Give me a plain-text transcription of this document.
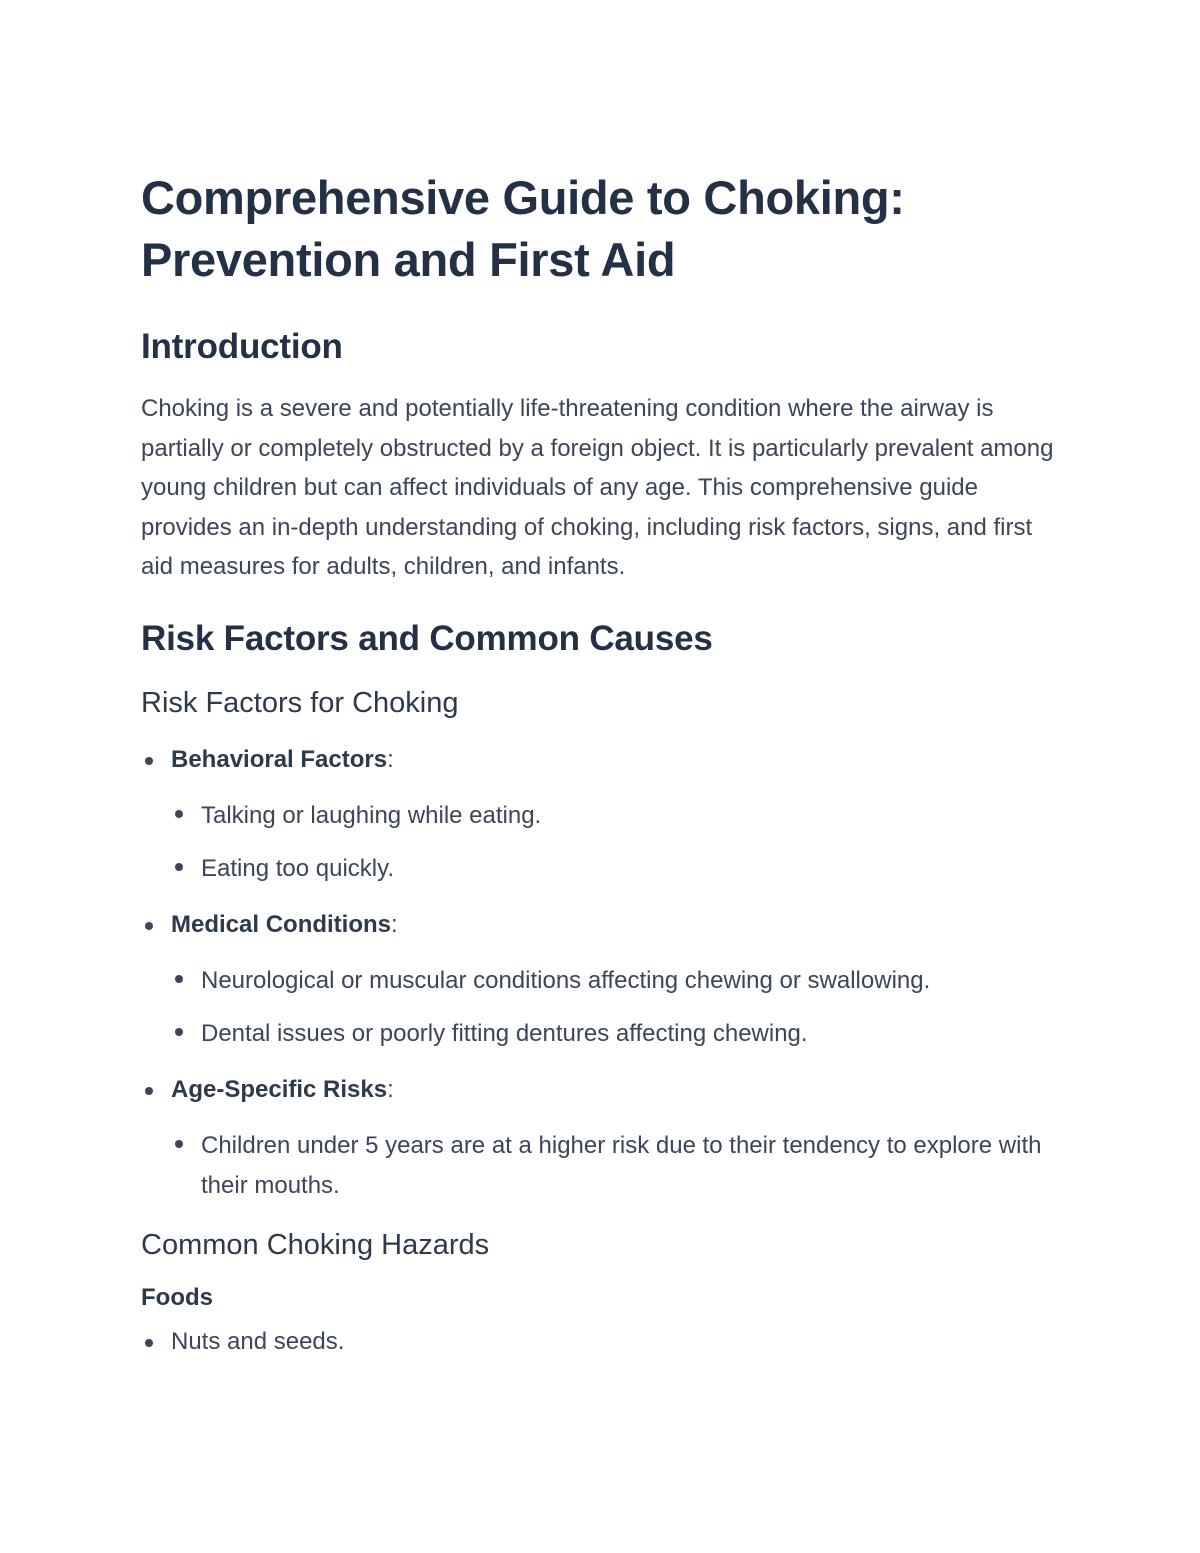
Comprehensive Guide to Choking: Prevention and First Aid
Introduction

Choking is a severe and potentially life-threatening condition where the airway is partially or completely obstructed by a foreign object. It is particularly prevalent among young children but can affect individuals of any age. This comprehensive guide provides an in-depth understanding of choking, including risk factors, signs, and first aid measures for adults, children, and infants.

Risk Factors and Common Causes
Risk Factors for Choking
Behavioral Factors:
Talking or laughing while eating.
Eating too quickly.
Medical Conditions:
Neurological or muscular conditions affecting chewing or swallowing.
Dental issues or poorly fitting dentures affecting chewing.
Age-Specific Risks:
Children under 5 years are at a higher risk due to their tendency to explore with their mouths.
Common Choking Hazards
Foods
Nuts and seeds.
